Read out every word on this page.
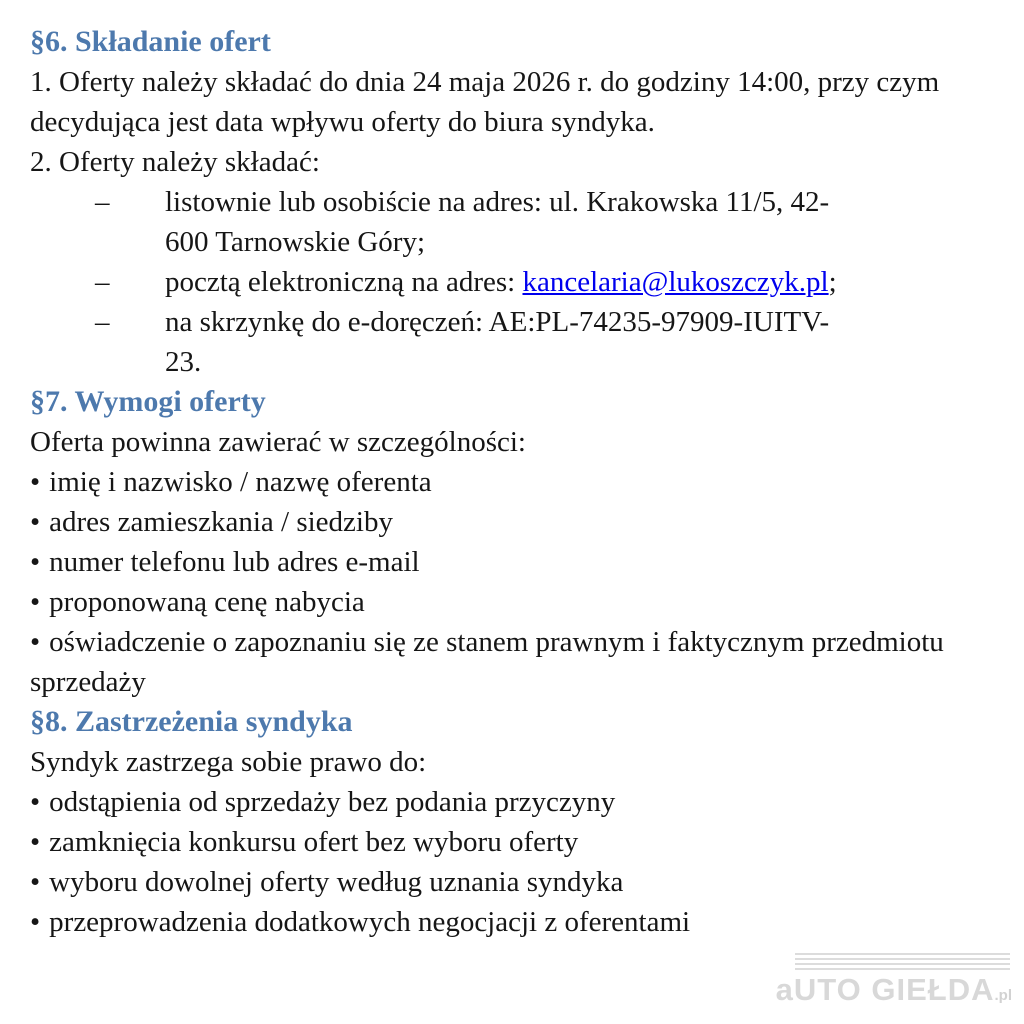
§6. Składanie ofert

1. Oferty należy składać do dnia 24 maja 2026 r. do godziny 14:00, przy czym decydująca jest data wpływu oferty do biura syndyka.

2. Oferty należy składać:

–	listownie lub osobiście na adres: ul. Krakowska 11/5, 42-600 Tarnowskie Góry;
–	pocztą elektroniczną na adres: kancelaria@lukoszczyk.pl;
–	na skrzynkę do e-doręczeń: AE:PL-74235-97909-IUITV-23.
§7. Wymogi oferty

Oferta powinna zawierać w szczególności:

• imię i nazwisko / nazwę oferenta

• adres zamieszkania / siedziby

• numer telefonu lub adres e-mail

• proponowaną cenę nabycia

• oświadczenie o zapoznaniu się ze stanem prawnym i faktycznym przedmiotu sprzedaży

§8. Zastrzeżenia syndyka

Syndyk zastrzega sobie prawo do:

• odstąpienia od sprzedaży bez podania przyczyny

• zamknięcia konkursu ofert bez wyboru oferty

• wyboru dowolnej oferty według uznania syndyka

• przeprowadzenia dodatkowych negocjacji z oferentami

aUTO GIEŁDA.pl
